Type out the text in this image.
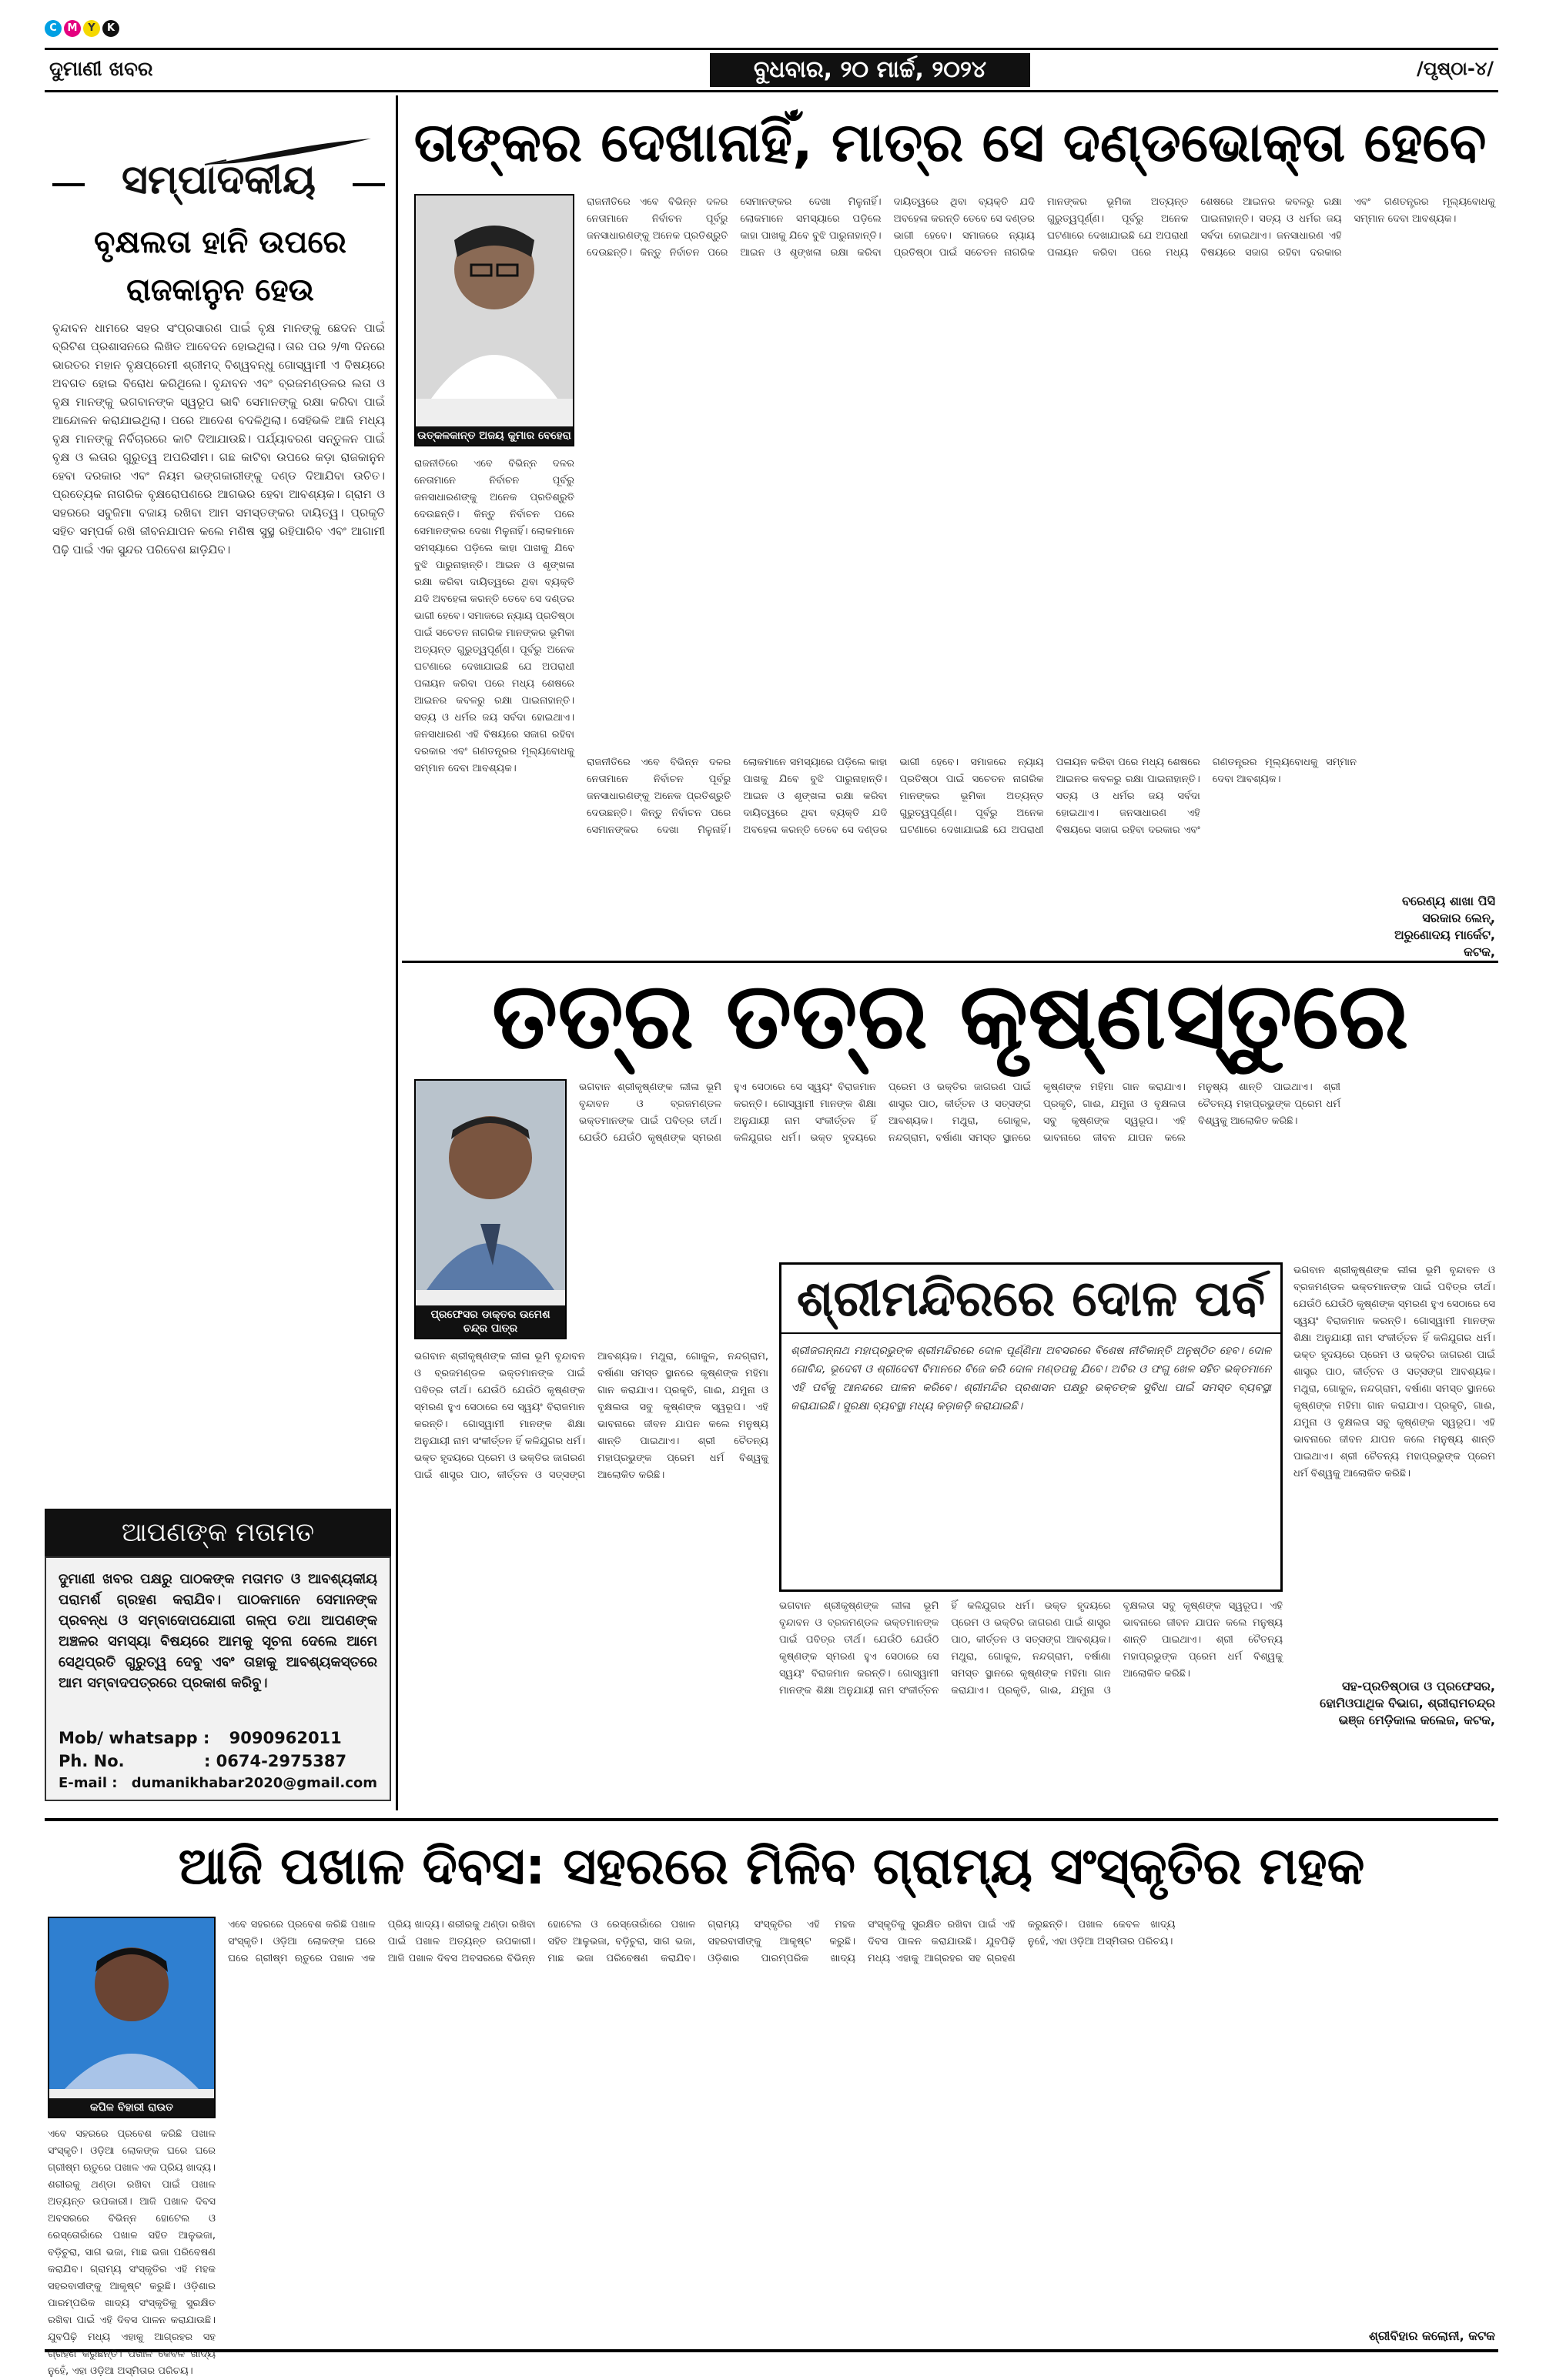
C	M	Y	K
ଦୁମାଣୀ ଖବର	ବୁଧବାର, ୨୦ ମାର୍ଚ୍ଚ, ୨୦୨୪	/ପୃଷ୍ଠା-୪/
ସମ୍ପାଦକୀୟ
ବୃକ୍ଷଲତା ହାନି ଉପରେ ରାଜକାନୁନ ହେଉ
ବୃନ୍ଦାବନ ଧାମରେ ସହର ସଂପ୍ରସାରଣ ପାଇଁ ବୃକ୍ଷ ମାନଙ୍କୁ ଛେଦନ ପାଇଁ ବ୍ରିଟିଶ ପ୍ରଶାସନରେ ଲିଖିତ ଆବେଦନ ହୋଇଥିଲା। ତାର ପର ୨/୩ ଦିନରେ ଭାରତର ମହାନ ବୃକ୍ଷପ୍ରେମୀ ଶ୍ରୀମଦ୍ ବିଶ୍ୱବନ୍ଧୁ ଗୋସ୍ୱାମୀ ଏ ବିଷୟରେ ଅବଗତ ହୋଇ ବିରୋଧ କରିଥିଲେ। ବୃନ୍ଦାବନ ଏବଂ ବ୍ରଜମଣ୍ଡଳର ଲତା ଓ ବୃକ୍ଷ ମାନଙ୍କୁ ଭଗବାନଙ୍କ ସ୍ୱରୂପ ଭାବି ସେମାନଙ୍କୁ ରକ୍ଷା କରିବା ପାଇଁ ଆନ୍ଦୋଳନ କରାଯାଇଥିଲା। ପରେ ଆଦେଶ ବଦଳିଥିଲା। ସେହିଭଳି ଆଜି ମଧ୍ୟ ବୃକ୍ଷ ମାନଙ୍କୁ ନିର୍ବିଚାରରେ କାଟି ଦିଆଯାଉଛି। ପର୍ଯ୍ୟାବରଣ ସନ୍ତୁଳନ ପାଇଁ ବୃକ୍ଷ ଓ ଲତାର ଗୁରୁତ୍ୱ ଅପରିସୀମ। ଗଛ କାଟିବା ଉପରେ କଡ଼ା ରାଜକାନୁନ ହେବା ଦରକାର ଏବଂ ନିୟମ ଭଙ୍ଗକାରୀଙ୍କୁ ଦଣ୍ଡ ଦିଆଯିବା ଉଚିତ। ପ୍ରତ୍ୟେକ ନାଗରିକ ବୃକ୍ଷରୋପଣରେ ଆଗଭର ହେବା ଆବଶ୍ୟକ। ଗ୍ରାମ ଓ ସହରରେ ସବୁଜିମା ବଜାୟ ରଖିବା ଆମ ସମସ୍ତଙ୍କର ଦାୟିତ୍ୱ। ପ୍ରକୃତି ସହିତ ସମ୍ପର୍କ ରଖି ଜୀବନଯାପନ କଲେ ମଣିଷ ସୁସ୍ଥ ରହିପାରିବ ଏବଂ ଆଗାମୀ ପିଢ଼ି ପାଇଁ ଏକ ସୁନ୍ଦର ପରିବେଶ ଛାଡ଼ିଯିବ।
ଆପଣଙ୍କ ମତାମତ
ଦୁମାଣୀ ଖବର ପକ୍ଷରୁ ପାଠକଙ୍କ ମତାମତ ଓ ଆବଶ୍ୟକୀୟ ପରାମର୍ଶ ଗ୍ରହଣ କରାଯିବ। ପାଠକମାନେ ସେମାନଙ୍କ ପ୍ରବନ୍ଧ ଓ ସମ୍ବାଦୋପଯୋଗୀ ଗଳ୍ପ ତଥା ଆପଣଙ୍କ ଅଞ୍ଚଳର ସମସ୍ୟା ବିଷୟରେ ଆମକୁ ସୂଚନା ଦେଲେ ଆମେ ସେଥିପ୍ରତି ଗୁରୁତ୍ୱ ଦେବୁ ଏବଂ ତାହାକୁ ଆବଶ୍ୟକସ୍ତରେ ଆମ ସମ୍ବାଦପତ୍ରରେ ପ୍ରକାଶ କରିବୁ।
Mob/ whatsapp : 9090962011
Ph. No.	: 0674-2975387
E-mail : dumanikhabar2020@gmail.com
ତାଙ୍କର ଦେଖାନାହିଁ, ମାତ୍ର ସେ ଦଣ୍ଡଭୋକ୍ତା ହେବେ
ଉତ୍କଳକାନ୍ତ ଅଜୟ କୁମାର ବେହେରା
ରାଜନୀତିରେ ଏବେ ବିଭିନ୍ନ ଦଳର ନେତାମାନେ ନିର୍ବାଚନ ପୂର୍ବରୁ ଜନସାଧାରଣଙ୍କୁ ଅନେକ ପ୍ରତିଶ୍ରୁତି ଦେଉଛନ୍ତି। କିନ୍ତୁ ନିର୍ବାଚନ ପରେ ସେମାନଙ୍କର ଦେଖା ମିଳୁନାହିଁ। ଲୋକମାନେ ସମସ୍ୟାରେ ପଡ଼ିଲେ କାହା ପାଖକୁ ଯିବେ ବୁଝି ପାରୁନାହାନ୍ତି। ଆଇନ ଓ ଶୃଙ୍ଖଳା ରକ୍ଷା କରିବା ଦାୟିତ୍ୱରେ ଥିବା ବ୍ୟକ୍ତି ଯଦି ଅବହେଳା କରନ୍ତି ତେବେ ସେ ଦଣ୍ଡର ଭାଗୀ ହେବେ। ସମାଜରେ ନ୍ୟାୟ ପ୍ରତିଷ୍ଠା ପାଇଁ ସଚେତନ ନାଗରିକ ମାନଙ୍କର ଭୂମିକା ଅତ୍ୟନ୍ତ ଗୁରୁତ୍ୱପୂର୍ଣ୍ଣ। ପୂର୍ବରୁ ଅନେକ ଘଟଣାରେ ଦେଖାଯାଇଛି ଯେ ଅପରାଧୀ ପଳାୟନ କରିବା ପରେ ମଧ୍ୟ ଶେଷରେ ଆଇନର କବଳରୁ ରକ୍ଷା ପାଇନାହାନ୍ତି। ସତ୍ୟ ଓ ଧର୍ମର ଜୟ ସର୍ବଦା ହୋଇଥାଏ। ଜନସାଧାରଣ ଏହି ବିଷୟରେ ସଜାଗ ରହିବା ଦରକାର ଏବଂ ଗଣତନ୍ତ୍ରର ମୂଲ୍ୟବୋଧକୁ ସମ୍ମାନ ଦେବା ଆବଶ୍ୟକ।
ରାଜନୀତିରେ ଏବେ ବିଭିନ୍ନ ଦଳର ନେତାମାନେ ନିର୍ବାଚନ ପୂର୍ବରୁ ଜନସାଧାରଣଙ୍କୁ ଅନେକ ପ୍ରତିଶ୍ରୁତି ଦେଉଛନ୍ତି। କିନ୍ତୁ ନିର୍ବାଚନ ପରେ ସେମାନଙ୍କର ଦେଖା ମିଳୁନାହିଁ। ଲୋକମାନେ ସମସ୍ୟାରେ ପଡ଼ିଲେ କାହା ପାଖକୁ ଯିବେ ବୁଝି ପାରୁନାହାନ୍ତି। ଆଇନ ଓ ଶୃଙ୍ଖଳା ରକ୍ଷା କରିବା ଦାୟିତ୍ୱରେ ଥିବା ବ୍ୟକ୍ତି ଯଦି ଅବହେଳା କରନ୍ତି ତେବେ ସେ ଦଣ୍ଡର ଭାଗୀ ହେବେ। ସମାଜରେ ନ୍ୟାୟ ପ୍ରତିଷ୍ଠା ପାଇଁ ସଚେତନ ନାଗରିକ ମାନଙ୍କର ଭୂମିକା ଅତ୍ୟନ୍ତ ଗୁରୁତ୍ୱପୂର୍ଣ୍ଣ। ପୂର୍ବରୁ ଅନେକ ଘଟଣାରେ ଦେଖାଯାଇଛି ଯେ ଅପରାଧୀ ପଳାୟନ କରିବା ପରେ ମଧ୍ୟ ଶେଷରେ ଆଇନର କବଳରୁ ରକ୍ଷା ପାଇନାହାନ୍ତି। ସତ୍ୟ ଓ ଧର୍ମର ଜୟ ସର୍ବଦା ହୋଇଥାଏ। ଜନସାଧାରଣ ଏହି ବିଷୟରେ ସଜାଗ ରହିବା ଦରକାର ଏବଂ ଗଣତନ୍ତ୍ରର ମୂଲ୍ୟବୋଧକୁ ସମ୍ମାନ ଦେବା ଆବଶ୍ୟକ।
ରାଜନୀତିରେ ଏବେ ବିଭିନ୍ନ ଦଳର ନେତାମାନେ ନିର୍ବାଚନ ପୂର୍ବରୁ ଜନସାଧାରଣଙ୍କୁ ଅନେକ ପ୍ରତିଶ୍ରୁତି ଦେଉଛନ୍ତି। କିନ୍ତୁ ନିର୍ବାଚନ ପରେ ସେମାନଙ୍କର ଦେଖା ମିଳୁନାହିଁ। ଲୋକମାନେ ସମସ୍ୟାରେ ପଡ଼ିଲେ କାହା ପାଖକୁ ଯିବେ ବୁଝି ପାରୁନାହାନ୍ତି। ଆଇନ ଓ ଶୃଙ୍ଖଳା ରକ୍ଷା କରିବା ଦାୟିତ୍ୱରେ ଥିବା ବ୍ୟକ୍ତି ଯଦି ଅବହେଳା କରନ୍ତି ତେବେ ସେ ଦଣ୍ଡର ଭାଗୀ ହେବେ। ସମାଜରେ ନ୍ୟାୟ ପ୍ରତିଷ୍ଠା ପାଇଁ ସଚେତନ ନାଗରିକ ମାନଙ୍କର ଭୂମିକା ଅତ୍ୟନ୍ତ ଗୁରୁତ୍ୱପୂର୍ଣ୍ଣ। ପୂର୍ବରୁ ଅନେକ ଘଟଣାରେ ଦେଖାଯାଇଛି ଯେ ଅପରାଧୀ ପଳାୟନ କରିବା ପରେ ମଧ୍ୟ ଶେଷରେ ଆଇନର କବଳରୁ ରକ୍ଷା ପାଇନାହାନ୍ତି। ସତ୍ୟ ଓ ଧର୍ମର ଜୟ ସର୍ବଦା ହୋଇଥାଏ। ଜନସାଧାରଣ ଏହି ବିଷୟରେ ସଜାଗ ରହିବା ଦରକାର ଏବଂ ଗଣତନ୍ତ୍ରର ମୂଲ୍ୟବୋଧକୁ ସମ୍ମାନ ଦେବା ଆବଶ୍ୟକ।
ବରେଣ୍ୟ ଶାଖା ପିସି ସରକାର ଲେନ୍, ଅରୁଣୋଦୟ ମାର୍କେଟ, କଟକ,
ତତ୍ର ତତ୍ର କୃଷ୍ଣସ୍ତୁରେ
ପ୍ରଫେସର ଡାକ୍ତର ଉମେଶ ଚନ୍ଦ୍ର ପାତ୍ର
ଭଗବାନ ଶ୍ରୀକୃଷ୍ଣଙ୍କ ଲୀଳା ଭୂମି ବୃନ୍ଦାବନ ଓ ବ୍ରଜମଣ୍ଡଳ ଭକ୍ତମାନଙ୍କ ପାଇଁ ପବିତ୍ର ତୀର୍ଥ। ଯେଉଁଠି ଯେଉଁଠି କୃଷ୍ଣଙ୍କ ସ୍ମରଣ ହୁଏ ସେଠାରେ ସେ ସ୍ୱୟଂ ବିରାଜମାନ କରନ୍ତି। ଗୋସ୍ୱାମୀ ମାନଙ୍କ ଶିକ୍ଷା ଅନୁଯାୟୀ ନାମ ସଂକୀର୍ତ୍ତନ ହିଁ କଳିଯୁଗର ଧର୍ମ। ଭକ୍ତ ହୃଦୟରେ ପ୍ରେମ ଓ ଭକ୍ତିର ଜାଗରଣ ପାଇଁ ଶାସ୍ତ୍ର ପାଠ, କୀର୍ତ୍ତନ ଓ ସତ୍ସଙ୍ଗ ଆବଶ୍ୟକ। ମଥୁରା, ଗୋକୁଳ, ନନ୍ଦଗ୍ରାମ, ବର୍ଷାଣା ସମସ୍ତ ସ୍ଥାନରେ କୃଷ୍ଣଙ୍କ ମହିମା ଗାନ କରାଯାଏ। ପ୍ରକୃତି, ଗାଈ, ଯମୁନା ଓ ବୃକ୍ଷଲତା ସବୁ କୃଷ୍ଣଙ୍କ ସ୍ୱରୂପ। ଏହି ଭାବନାରେ ଜୀବନ ଯାପନ କଲେ ମନୁଷ୍ୟ ଶାନ୍ତି ପାଇଥାଏ। ଶ୍ରୀ ଚୈତନ୍ୟ ମହାପ୍ରଭୁଙ୍କ ପ୍ରେମ ଧର୍ମ ବିଶ୍ୱକୁ ଆଲୋକିତ କରିଛି।
ଭଗବାନ ଶ୍ରୀକୃଷ୍ଣଙ୍କ ଲୀଳା ଭୂମି ବୃନ୍ଦାବନ ଓ ବ୍ରଜମଣ୍ଡଳ ଭକ୍ତମାନଙ୍କ ପାଇଁ ପବିତ୍ର ତୀର୍ଥ। ଯେଉଁଠି ଯେଉଁଠି କୃଷ୍ଣଙ୍କ ସ୍ମରଣ ହୁଏ ସେଠାରେ ସେ ସ୍ୱୟଂ ବିରାଜମାନ କରନ୍ତି। ଗୋସ୍ୱାମୀ ମାନଙ୍କ ଶିକ୍ଷା ଅନୁଯାୟୀ ନାମ ସଂକୀର୍ତ୍ତନ ହିଁ କଳିଯୁଗର ଧର୍ମ। ଭକ୍ତ ହୃଦୟରେ ପ୍ରେମ ଓ ଭକ୍ତିର ଜାଗରଣ ପାଇଁ ଶାସ୍ତ୍ର ପାଠ, କୀର୍ତ୍ତନ ଓ ସତ୍ସଙ୍ଗ ଆବଶ୍ୟକ। ମଥୁରା, ଗୋକୁଳ, ନନ୍ଦଗ୍ରାମ, ବର୍ଷାଣା ସମସ୍ତ ସ୍ଥାନରେ କୃଷ୍ଣଙ୍କ ମହିମା ଗାନ କରାଯାଏ। ପ୍ରକୃତି, ଗାଈ, ଯମୁନା ଓ ବୃକ୍ଷଲତା ସବୁ କୃଷ୍ଣଙ୍କ ସ୍ୱରୂପ। ଏହି ଭାବନାରେ ଜୀବନ ଯାପନ କଲେ ମନୁଷ୍ୟ ଶାନ୍ତି ପାଇଥାଏ। ଶ୍ରୀ ଚୈତନ୍ୟ ମହାପ୍ରଭୁଙ୍କ ପ୍ରେମ ଧର୍ମ ବିଶ୍ୱକୁ ଆଲୋକିତ କରିଛି।
ଭଗବାନ ଶ୍ରୀକୃଷ୍ଣଙ୍କ ଲୀଳା ଭୂମି ବୃନ୍ଦାବନ ଓ ବ୍ରଜମଣ୍ଡଳ ଭକ୍ତମାନଙ୍କ ପାଇଁ ପବିତ୍ର ତୀର୍ଥ। ଯେଉଁଠି ଯେଉଁଠି କୃଷ୍ଣଙ୍କ ସ୍ମରଣ ହୁଏ ସେଠାରେ ସେ ସ୍ୱୟଂ ବିରାଜମାନ କରନ୍ତି। ଗୋସ୍ୱାମୀ ମାନଙ୍କ ଶିକ୍ଷା ଅନୁଯାୟୀ ନାମ ସଂକୀର୍ତ୍ତନ ହିଁ କଳିଯୁଗର ଧର୍ମ। ଭକ୍ତ ହୃଦୟରେ ପ୍ରେମ ଓ ଭକ୍ତିର ଜାଗରଣ ପାଇଁ ଶାସ୍ତ୍ର ପାଠ, କୀର୍ତ୍ତନ ଓ ସତ୍ସଙ୍ଗ ଆବଶ୍ୟକ। ମଥୁରା, ଗୋକୁଳ, ନନ୍ଦଗ୍ରାମ, ବର୍ଷାଣା ସମସ୍ତ ସ୍ଥାନରେ କୃଷ୍ଣଙ୍କ ମହିମା ଗାନ କରାଯାଏ। ପ୍ରକୃତି, ଗାଈ, ଯମୁନା ଓ ବୃକ୍ଷଲତା ସବୁ କୃଷ୍ଣଙ୍କ ସ୍ୱରୂପ। ଏହି ଭାବନାରେ ଜୀବନ ଯାପନ କଲେ ମନୁଷ୍ୟ ଶାନ୍ତି ପାଇଥାଏ। ଶ୍ରୀ ଚୈତନ୍ୟ ମହାପ୍ରଭୁଙ୍କ ପ୍ରେମ ଧର୍ମ ବିଶ୍ୱକୁ ଆଲୋକିତ କରିଛି।
ଭଗବାନ ଶ୍ରୀକୃଷ୍ଣଙ୍କ ଲୀଳା ଭୂମି ବୃନ୍ଦାବନ ଓ ବ୍ରଜମଣ୍ଡଳ ଭକ୍ତମାନଙ୍କ ପାଇଁ ପବିତ୍ର ତୀର୍ଥ। ଯେଉଁଠି ଯେଉଁଠି କୃଷ୍ଣଙ୍କ ସ୍ମରଣ ହୁଏ ସେଠାରେ ସେ ସ୍ୱୟଂ ବିରାଜମାନ କରନ୍ତି। ଗୋସ୍ୱାମୀ ମାନଙ୍କ ଶିକ୍ଷା ଅନୁଯାୟୀ ନାମ ସଂକୀର୍ତ୍ତନ ହିଁ କଳିଯୁଗର ଧର୍ମ। ଭକ୍ତ ହୃଦୟରେ ପ୍ରେମ ଓ ଭକ୍ତିର ଜାଗରଣ ପାଇଁ ଶାସ୍ତ୍ର ପାଠ, କୀର୍ତ୍ତନ ଓ ସତ୍ସଙ୍ଗ ଆବଶ୍ୟକ। ମଥୁରା, ଗୋକୁଳ, ନନ୍ଦଗ୍ରାମ, ବର୍ଷାଣା ସମସ୍ତ ସ୍ଥାନରେ କୃଷ୍ଣଙ୍କ ମହିମା ଗାନ କରାଯାଏ। ପ୍ରକୃତି, ଗାଈ, ଯମୁନା ଓ ବୃକ୍ଷଲତା ସବୁ କୃଷ୍ଣଙ୍କ ସ୍ୱରୂପ। ଏହି ଭାବନାରେ ଜୀବନ ଯାପନ କଲେ ମନୁଷ୍ୟ ଶାନ୍ତି ପାଇଥାଏ। ଶ୍ରୀ ଚୈତନ୍ୟ ମହାପ୍ରଭୁଙ୍କ ପ୍ରେମ ଧର୍ମ ବିଶ୍ୱକୁ ଆଲୋକିତ କରିଛି।
ସହ-ପ୍ରତିଷ୍ଠାତା ଓ ପ୍ରଫେସର, ହୋମିଓପାଥିକ ବିଭାଗ, ଶ୍ରୀରାମଚନ୍ଦ୍ର ଭଞ୍ଜ ମେଡ଼ିକାଲ କଲେଜ, କଟକ,
ଶ୍ରୀମନ୍ଦିରରେ ଦୋଳ ପର୍ବ
ଶ୍ରୀଜଗନ୍ନାଥ ମହାପ୍ରଭୁଙ୍କ ଶ୍ରୀମନ୍ଦିରରେ ଦୋଳ ପୂର୍ଣ୍ଣିମା ଅବସରରେ ବିଶେଷ ନୀତିକାନ୍ତି ଅନୁଷ୍ଠିତ ହେବ। ଦୋଳ ଗୋବିନ୍ଦ, ଭୂଦେବୀ ଓ ଶ୍ରୀଦେବୀ ବିମାନରେ ବିଜେ କରି ଦୋଳ ମଣ୍ଡପକୁ ଯିବେ। ଅବିର ଓ ଫଗୁ ଖେଳ ସହିତ ଭକ୍ତମାନେ ଏହି ପର୍ବକୁ ଆନନ୍ଦରେ ପାଳନ କରିବେ। ଶ୍ରୀମନ୍ଦିର ପ୍ରଶାସନ ପକ୍ଷରୁ ଭକ୍ତଙ୍କ ସୁବିଧା ପାଇଁ ସମସ୍ତ ବ୍ୟବସ୍ଥା କରାଯାଇଛି। ସୁରକ୍ଷା ବ୍ୟବସ୍ଥା ମଧ୍ୟ କଡ଼ାକଡ଼ି କରାଯାଇଛି।
ଆଜି ପଖାଳ ଦିବସ: ସହରରେ ମିଳିବ ଗ୍ରାମ୍ୟ ସଂସ୍କୃତିର ମହକ
କପିଳ ବିହାରୀ ରାଉତ
ଏବେ ସହରରେ ପ୍ରବେଶ କରିଛି ପଖାଳ ସଂସ୍କୃତି। ଓଡ଼ିଆ ଲୋକଙ୍କ ଘରେ ଘରେ ଗ୍ରୀଷ୍ମ ଋତୁରେ ପଖାଳ ଏକ ପ୍ରିୟ ଖାଦ୍ୟ। ଶରୀରକୁ ଥଣ୍ଡା ରଖିବା ପାଇଁ ପଖାଳ ଅତ୍ୟନ୍ତ ଉପକାରୀ। ଆଜି ପଖାଳ ଦିବସ ଅବସରରେ ବିଭିନ୍ନ ହୋଟେଲ ଓ ରେସ୍ତୋରାଁରେ ପଖାଳ ସହିତ ଆଳୁଭଜା, ବଡ଼ିଚୁରା, ସାଗ ଭଜା, ମାଛ ଭଜା ପରିବେଷଣ କରାଯିବ। ଗ୍ରାମ୍ୟ ସଂସ୍କୃତିର ଏହି ମହକ ସହରବାସୀଙ୍କୁ ଆକୃଷ୍ଟ କରୁଛି। ଓଡ଼ିଶାର ପାରମ୍ପରିକ ଖାଦ୍ୟ ସଂସ୍କୃତିକୁ ସୁରକ୍ଷିତ ରଖିବା ପାଇଁ ଏହି ଦିବସ ପାଳନ କରାଯାଉଛି। ଯୁବପିଢ଼ି ମଧ୍ୟ ଏହାକୁ ଆଗ୍ରହର ସହ ଗ୍ରହଣ କରୁଛନ୍ତି। ପଖାଳ କେବଳ ଖାଦ୍ୟ ନୁହେଁ, ଏହା ଓଡ଼ିଆ ଅସ୍ମିତାର ପରିଚୟ।
ଏବେ ସହରରେ ପ୍ରବେଶ କରିଛି ପଖାଳ ସଂସ୍କୃତି। ଓଡ଼ିଆ ଲୋକଙ୍କ ଘରେ ଘରେ ଗ୍ରୀଷ୍ମ ଋତୁରେ ପଖାଳ ଏକ ପ୍ରିୟ ଖାଦ୍ୟ। ଶରୀରକୁ ଥଣ୍ଡା ରଖିବା ପାଇଁ ପଖାଳ ଅତ୍ୟନ୍ତ ଉପକାରୀ। ଆଜି ପଖାଳ ଦିବସ ଅବସରରେ ବିଭିନ୍ନ ହୋଟେଲ ଓ ରେସ୍ତୋରାଁରେ ପଖାଳ ସହିତ ଆଳୁଭଜା, ବଡ଼ିଚୁରା, ସାଗ ଭଜା, ମାଛ ଭଜା ପରିବେଷଣ କରାଯିବ। ଗ୍ରାମ୍ୟ ସଂସ୍କୃତିର ଏହି ମହକ ସହରବାସୀଙ୍କୁ ଆକୃଷ୍ଟ କରୁଛି। ଓଡ଼ିଶାର ପାରମ୍ପରିକ ଖାଦ୍ୟ ସଂସ୍କୃତିକୁ ସୁରକ୍ଷିତ ରଖିବା ପାଇଁ ଏହି ଦିବସ ପାଳନ କରାଯାଉଛି। ଯୁବପିଢ଼ି ମଧ୍ୟ ଏହାକୁ ଆଗ୍ରହର ସହ ଗ୍ରହଣ କରୁଛନ୍ତି। ପଖାଳ କେବଳ ଖାଦ୍ୟ ନୁହେଁ, ଏହା ଓଡ଼ିଆ ଅସ୍ମିତାର ପରିଚୟ।
ଶ୍ରୀବିହାର କଲୋନୀ, କଟକ
